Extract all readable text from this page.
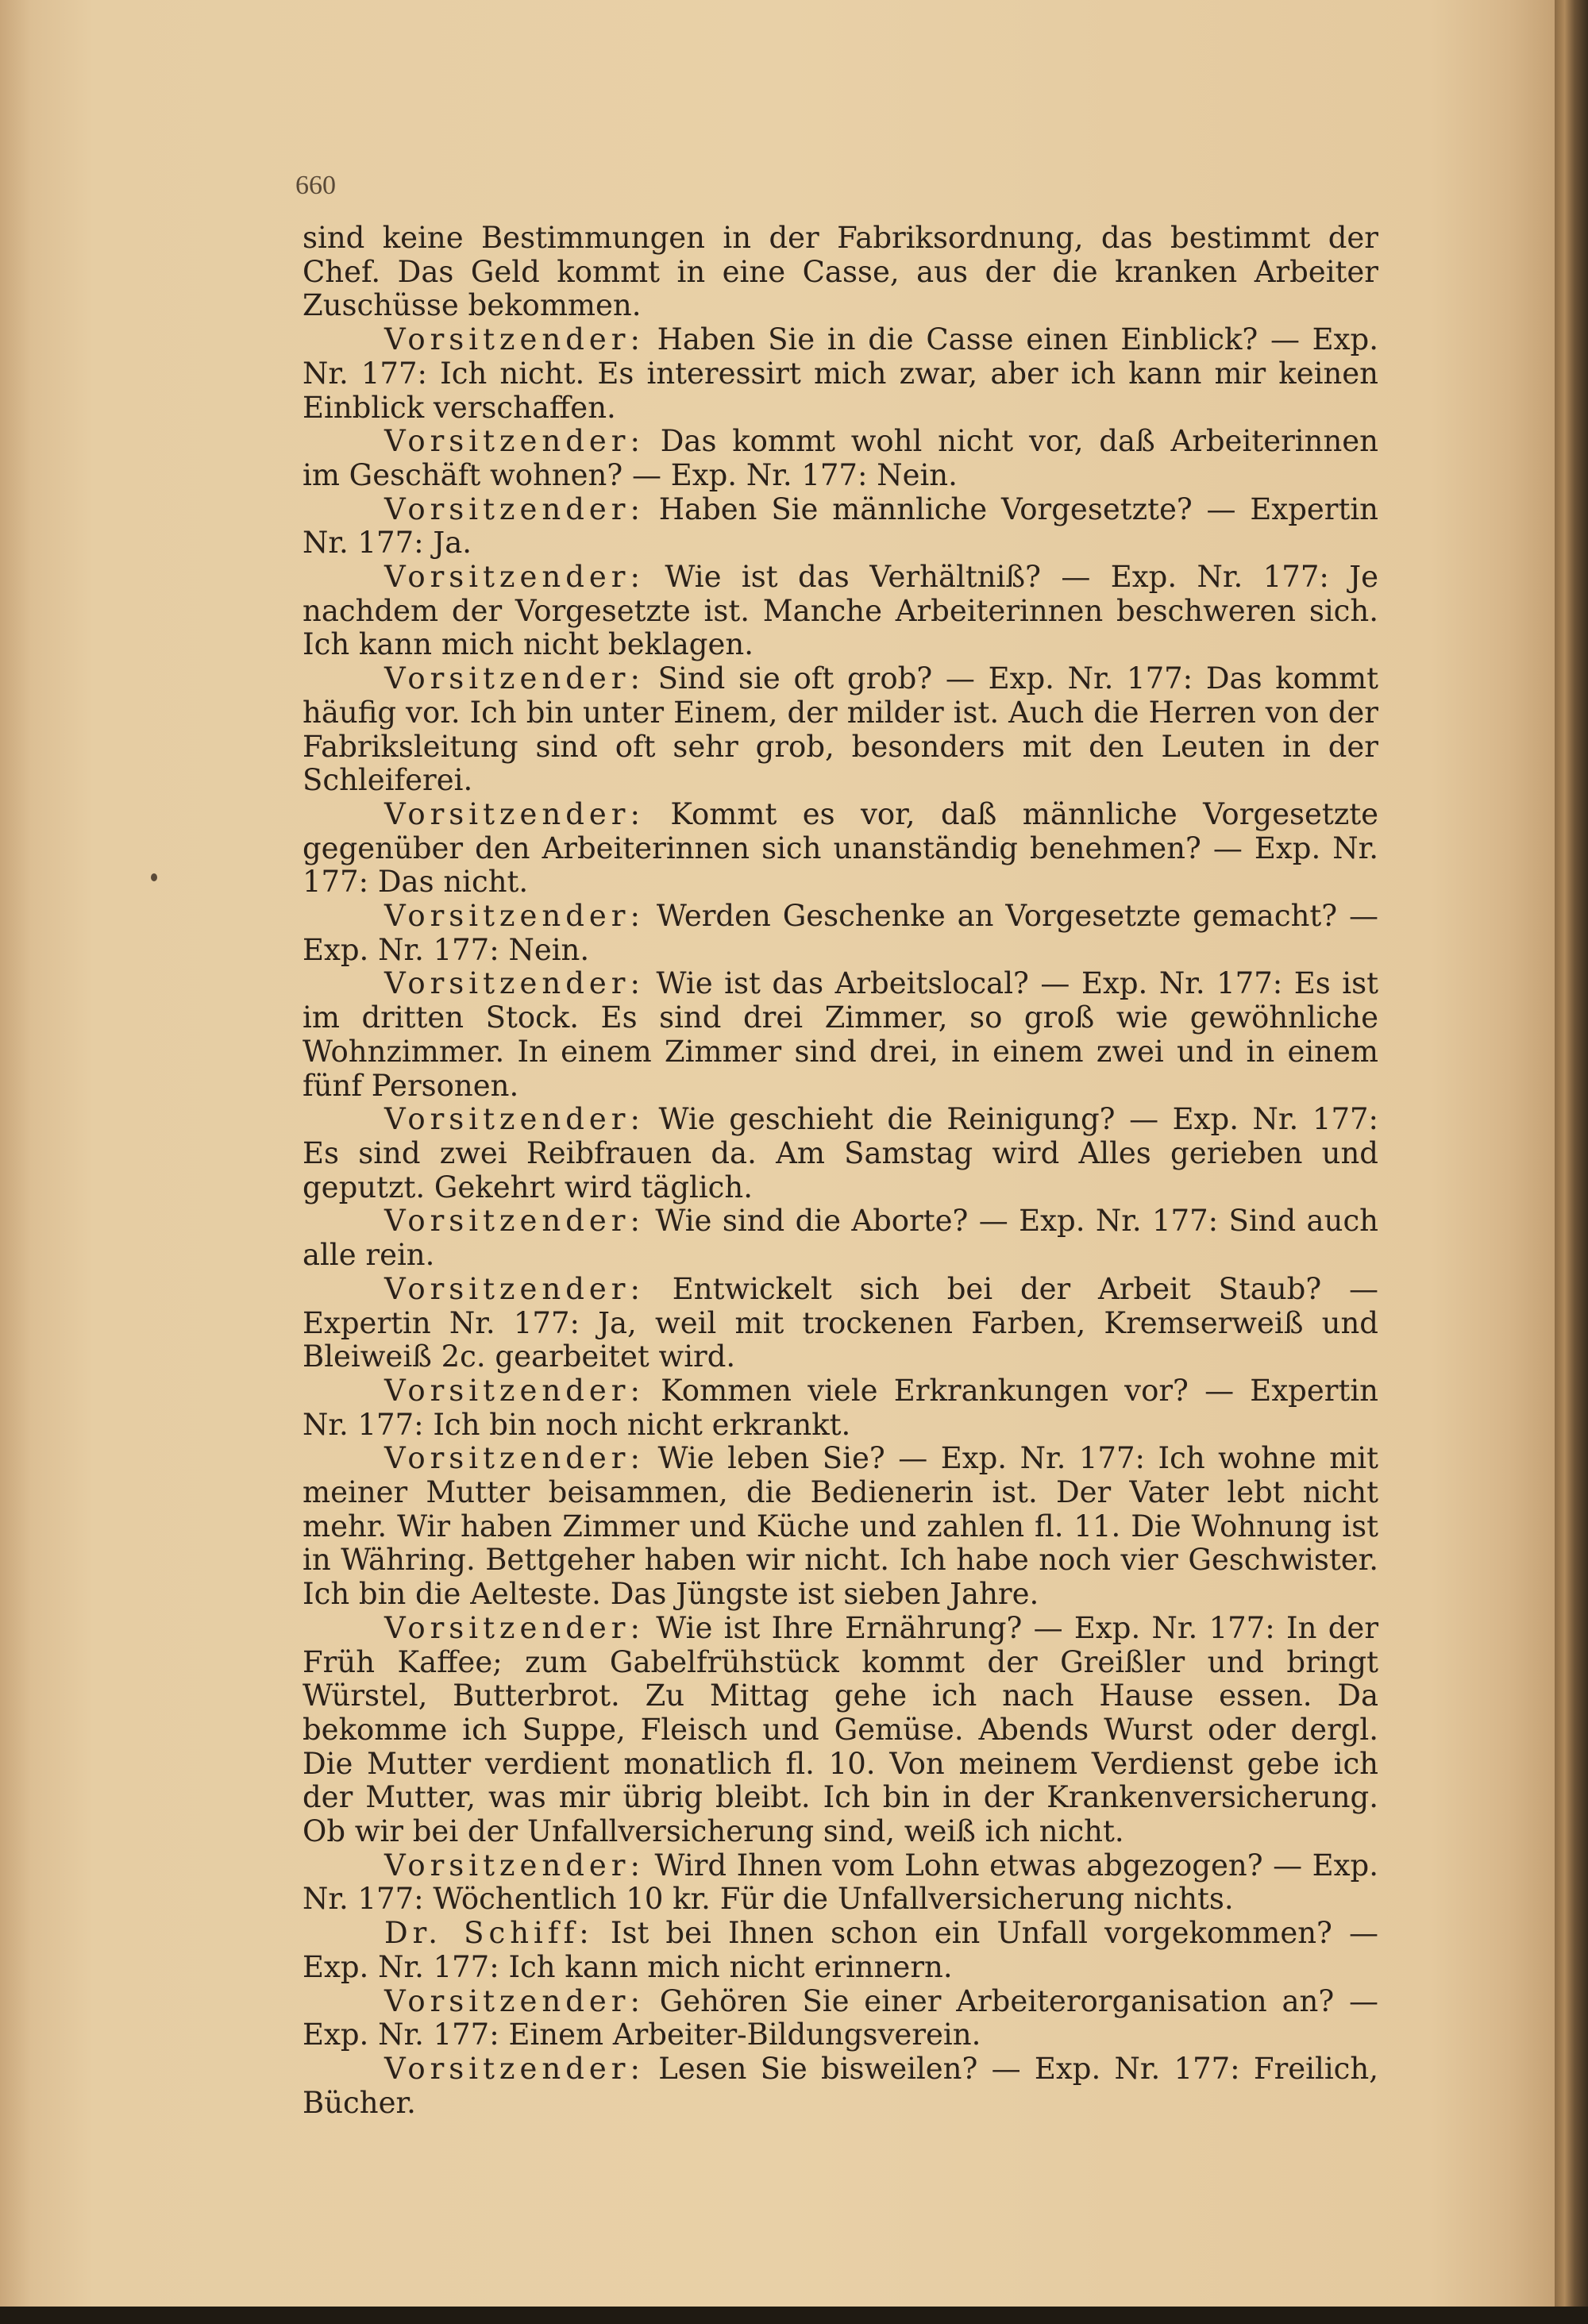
660

sind keine Bestimmungen in der Fabriksordnung, das bestimmt der Chef. Das Geld kommt in eine Casse, aus der die kranken Arbeiter Zuschüsse bekommen.

Vorsitzender: Haben Sie in die Casse einen Einblick? — Exp. Nr. 177: Ich nicht. Es interessirt mich zwar, aber ich kann mir keinen Einblick verschaffen.

Vorsitzender: Das kommt wohl nicht vor, daß Arbeiterinnen im Geschäft wohnen? — Exp. Nr. 177: Nein.

Vorsitzender: Haben Sie männliche Vorgesetzte? — Expertin Nr. 177: Ja.

Vorsitzender: Wie ist das Verhältniß? — Exp. Nr. 177: Je nachdem der Vorgesetzte ist. Manche Arbeiterinnen beschweren sich. Ich kann mich nicht beklagen.

Vorsitzender: Sind sie oft grob? — Exp. Nr. 177: Das kommt häufig vor. Ich bin unter Einem, der milder ist. Auch die Herren von der Fabriksleitung sind oft sehr grob, besonders mit den Leuten in der Schleiferei.

Vorsitzender: Kommt es vor, daß männliche Vorgesetzte gegenüber den Arbeiterinnen sich unanständig benehmen? — Exp. Nr. 177: Das nicht.

Vorsitzender: Werden Geschenke an Vorgesetzte gemacht? — Exp. Nr. 177: Nein.

Vorsitzender: Wie ist das Arbeitslocal? — Exp. Nr. 177: Es ist im dritten Stock. Es sind drei Zimmer, so groß wie gewöhnliche Wohnzimmer. In einem Zimmer sind drei, in einem zwei und in einem fünf Personen.

Vorsitzender: Wie geschieht die Reinigung? — Exp. Nr. 177: Es sind zwei Reibfrauen da. Am Samstag wird Alles gerieben und geputzt. Gekehrt wird täglich.

Vorsitzender: Wie sind die Aborte? — Exp. Nr. 177: Sind auch alle rein.

Vorsitzender: Entwickelt sich bei der Arbeit Staub? — Expertin Nr. 177: Ja, weil mit trockenen Farben, Kremserweiß und Bleiweiß 2c. gearbeitet wird.

Vorsitzender: Kommen viele Erkrankungen vor? — Expertin Nr. 177: Ich bin noch nicht erkrankt.

Vorsitzender: Wie leben Sie? — Exp. Nr. 177: Ich wohne mit meiner Mutter beisammen, die Bedienerin ist. Der Vater lebt nicht mehr. Wir haben Zimmer und Küche und zahlen fl. 11. Die Wohnung ist in Währing. Bettgeher haben wir nicht. Ich habe noch vier Geschwister. Ich bin die Aelteste. Das Jüngste ist sieben Jahre.

Vorsitzender: Wie ist Ihre Ernährung? — Exp. Nr. 177: In der Früh Kaffee; zum Gabelfrühstück kommt der Greißler und bringt Würstel, Butterbrot. Zu Mittag gehe ich nach Hause essen. Da bekomme ich Suppe, Fleisch und Gemüse. Abends Wurst oder dergl. Die Mutter verdient monatlich fl. 10. Von meinem Verdienst gebe ich der Mutter, was mir übrig bleibt. Ich bin in der Krankenversicherung. Ob wir bei der Unfallversicherung sind, weiß ich nicht.

Vorsitzender: Wird Ihnen vom Lohn etwas abgezogen? — Exp. Nr. 177: Wöchentlich 10 kr. Für die Unfallversicherung nichts.

Dr. Schiff: Ist bei Ihnen schon ein Unfall vorgekommen? — Exp. Nr. 177: Ich kann mich nicht erinnern.

Vorsitzender: Gehören Sie einer Arbeiterorganisation an? — Exp. Nr. 177: Einem Arbeiter-Bildungsverein.

Vorsitzender: Lesen Sie bisweilen? — Exp. Nr. 177: Freilich, Bücher.
